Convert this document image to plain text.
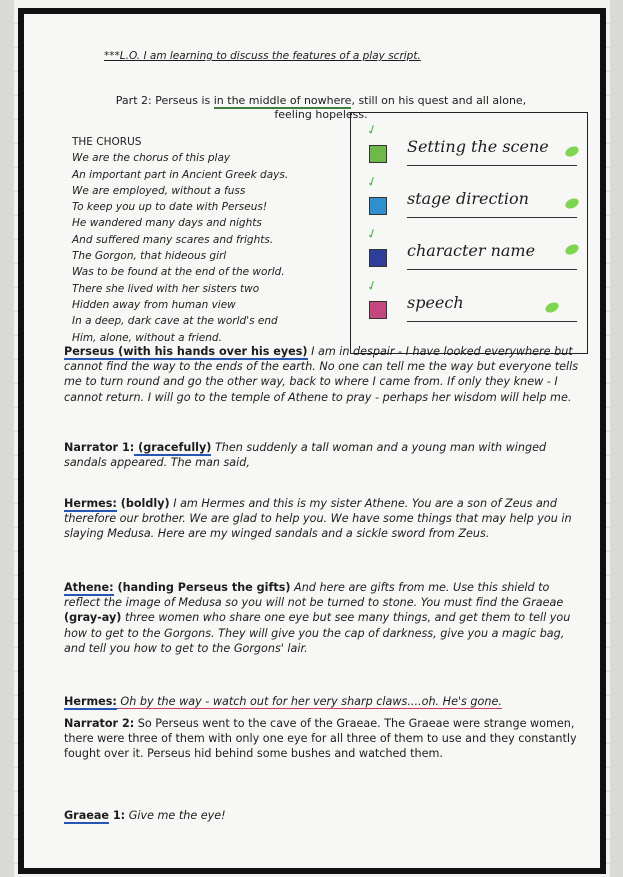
***L.O. I am learning to discuss the features of a play script.
Part 2: Perseus is in the middle of nowhere, still on his quest and all alone, feeling hopeless.
THE CHORUS
We are the chorus of this play
An important part in Ancient Greek days.
We are employed, without a fuss
To keep you up to date with Perseus!
He wandered many days and nights
And suffered many scares and frights.
The Gorgon, that hideous girl
Was to be found at the end of the world.
There she lived with her sisters two
Hidden away from human view
In a deep, dark cave at the world's end
Him, alone, without a friend.
Setting the scene
✓
stage direction
✓
character name
✓
speech
✓
Perseus (with his hands over his eyes) I am in despair - I have looked everywhere but cannot find the way to the ends of the earth. No one can tell me the way but everyone tells me to turn round and go the other way, back to where I came from. If only they knew - I cannot return. I will go to the temple of Athene to pray - perhaps her wisdom will help me.
Narrator 1: (gracefully) Then suddenly a tall woman and a young man with winged sandals appeared. The man said,
Hermes: (boldly) I am Hermes and this is my sister Athene. You are a son of Zeus and therefore our brother. We are glad to help you. We have some things that may help you in slaying Medusa. Here are my winged sandals and a sickle sword from Zeus.
Athene: (handing Perseus the gifts) And here are gifts from me. Use this shield to reflect the image of Medusa so you will not be turned to stone. You must find the Graeae (gray-ay) three women who share one eye but see many things, and get them to tell you how to get to the Gorgons. They will give you the cap of darkness, give you a magic bag, and tell you how to get to the Gorgons' lair.
Hermes: Oh by the way - watch out for her very sharp claws....oh. He's gone.
Narrator 2: So Perseus went to the cave of the Graeae. The Graeae were strange women, there were three of them with only one eye for all three of them to use and they constantly fought over it. Perseus hid behind some bushes and watched them.
Graeae 1: Give me the eye!
